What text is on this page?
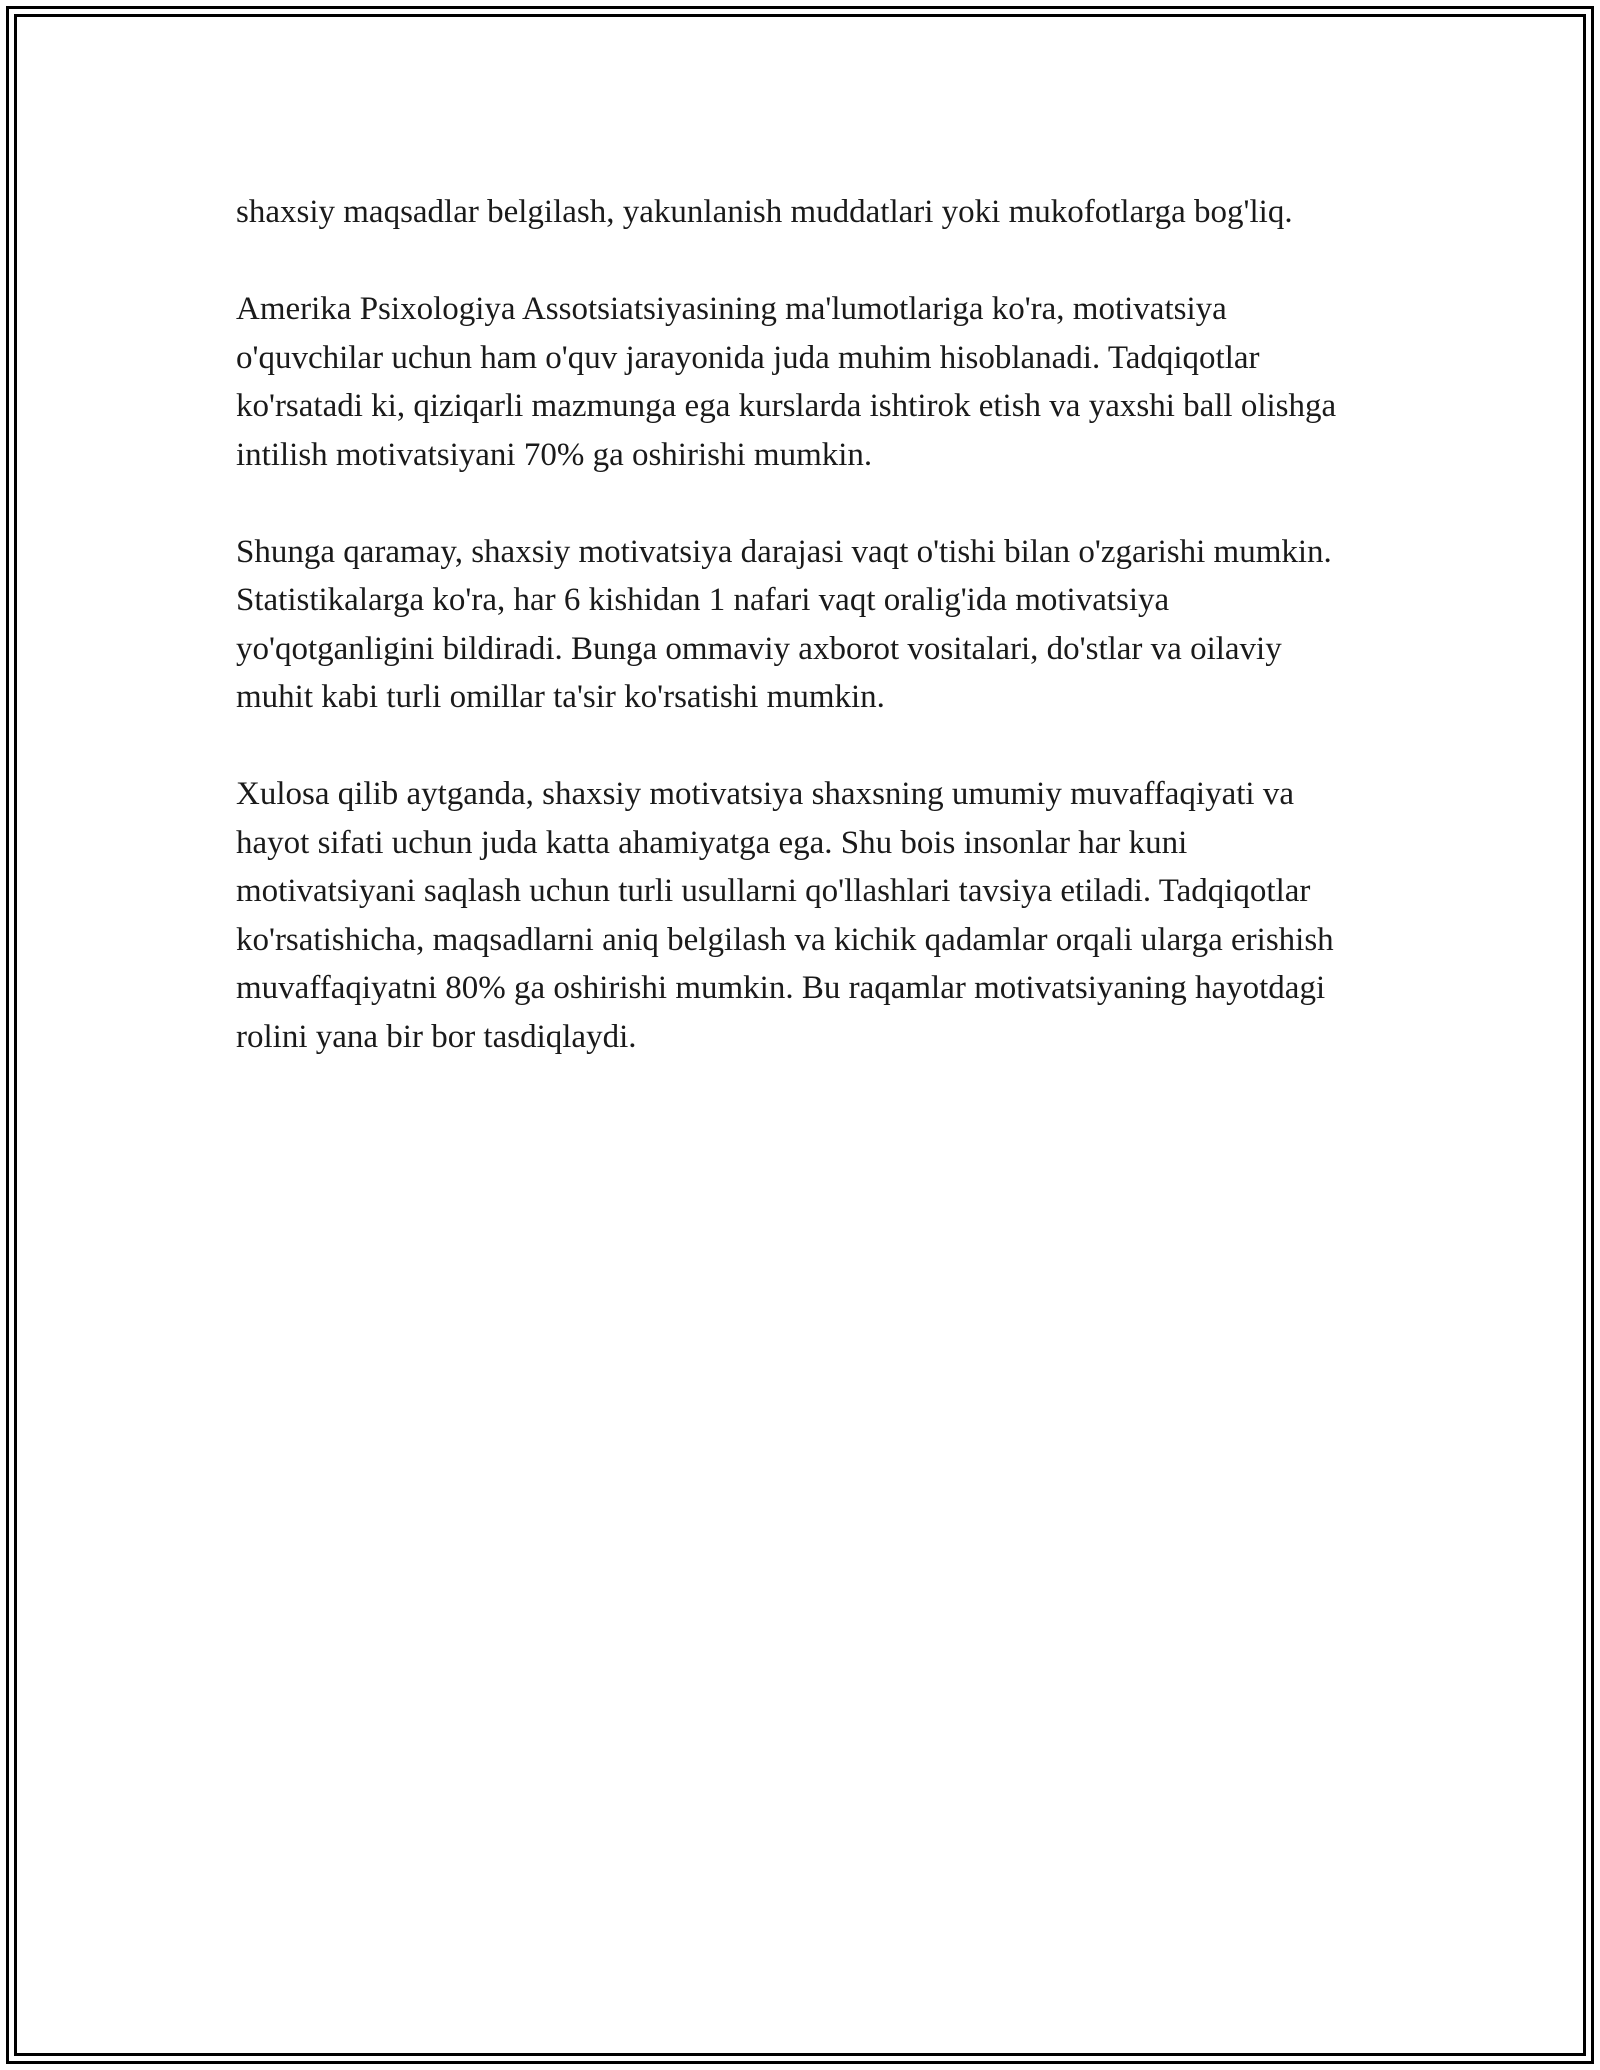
shaxsiy maqsadlar belgilash, yakunlanish muddatlari yoki mukofotlarga bog'liq.

Amerika Psixologiya Assotsiatsiyasining ma'lumotlariga ko'ra, motivatsiya o'quvchilar uchun ham o'quv jarayonida juda muhim hisoblanadi. Tadqiqotlar ko'rsatadi ki, qiziqarli mazmunga ega kurslarda ishtirok etish va yaxshi ball olishga intilish motivatsiyani 70% ga oshirishi mumkin.

Shunga qaramay, shaxsiy motivatsiya darajasi vaqt o'tishi bilan o'zgarishi mumkin. Statistikalarga ko'ra, har 6 kishidan 1 nafari vaqt oralig'ida motivatsiya yo'qotganligini bildiradi. Bunga ommaviy axborot vositalari, do'stlar va oilaviy muhit kabi turli omillar ta'sir ko'rsatishi mumkin.

Xulosa qilib aytganda, shaxsiy motivatsiya shaxsning umumiy muvaffaqiyati va hayot sifati uchun juda katta ahamiyatga ega. Shu bois insonlar har kuni motivatsiyani saqlash uchun turli usullarni qo'llashlari tavsiya etiladi. Tadqiqotlar ko'rsatishicha, maqsadlarni aniq belgilash va kichik qadamlar orqali ularga erishish muvaffaqiyatni 80% ga oshirishi mumkin. Bu raqamlar motivatsiyaning hayotdagi rolini yana bir bor tasdiqlaydi.
